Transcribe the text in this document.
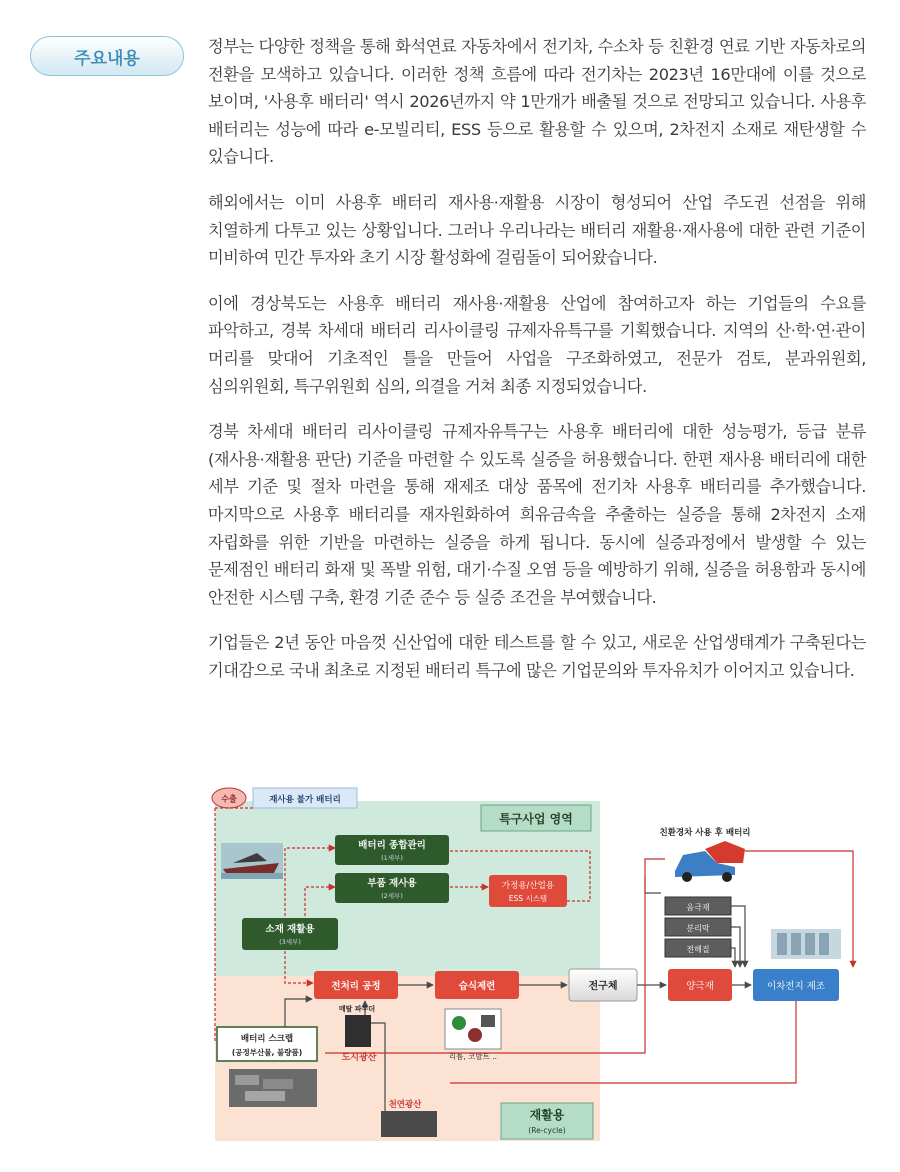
주요내용

정부는 다양한 정책을 통해 화석연료 자동차에서 전기차, 수소차 등 친환경 연료 기반 자동차로의 전환을 모색하고 있습니다. 이러한 정책 흐름에 따라 전기차는 2023년 16만대에 이를 것으로 보이며, '사용후 배터리' 역시 2026년까지 약 1만개가 배출될 것으로 전망되고 있습니다. 사용후 배터리는 성능에 따라 e-모빌리티, ESS 등으로 활용할 수 있으며, 2차전지 소재로 재탄생할 수 있습니다.

해외에서는 이미 사용후 배터리 재사용·재활용 시장이 형성되어 산업 주도권 선점을 위해 치열하게 다투고 있는 상황입니다. 그러나 우리나라는 배터리 재활용·재사용에 대한 관련 기준이 미비하여 민간 투자와 초기 시장 활성화에 걸림돌이 되어왔습니다.

이에 경상북도는 사용후 배터리 재사용·재활용 산업에 참여하고자 하는 기업들의 수요를 파악하고, 경북 차세대 배터리 리사이클링 규제자유특구를 기획했습니다. 지역의 산·학·연·관이 머리를 맞대어 기초적인 틀을 만들어 사업을 구조화하였고, 전문가 검토, 분과위원회, 심의위원회, 특구위원회 심의, 의결을 거쳐 최종 지정되었습니다.

경북 차세대 배터리 리사이클링 규제자유특구는 사용후 배터리에 대한 성능평가, 등급 분류(재사용·재활용 판단) 기준을 마련할 수 있도록 실증을 허용했습니다. 한편 재사용 배터리에 대한 세부 기준 및 절차 마련을 통해 재제조 대상 품목에 전기차 사용후 배터리를 추가했습니다. 마지막으로 사용후 배터리를 재자원화하여 희유금속을 추출하는 실증을 통해 2차전지 소재 자립화를 위한 기반을 마련하는 실증을 하게 됩니다. 동시에 실증과정에서 발생할 수 있는 문제점인 배터리 화재 및 폭발 위험, 대기·수질 오염 등을 예방하기 위해, 실증을 허용함과 동시에 안전한 시스템 구축, 환경 기준 준수 등 실증 조건을 부여했습니다.

기업들은 2년 동안 마음껏 신산업에 대한 테스트를 할 수 있고, 새로운 산업생태계가 구축된다는 기대감으로 국내 최초로 지정된 배터리 특구에 많은 기업문의와 투자유치가 이어지고 있습니다.

수출	재사용 불가 배터리
특구사업 영역
배터리 종합관리
(1세부)
부품 재사용
(2세부)
소재 재활용
(3세부)
가정용/산업용
ESS 시스템
전처리 공정	습식제련	전구체	양극재	이차전지 제조
음극재
분리막
전해질
친환경차 사용 후 배터리
메탈 파우더
도시광산	리튬, 코발트 ..
배터리 스크랩
(공정부산물, 불량품)
천연광산
재활용
(Re-cycle)
